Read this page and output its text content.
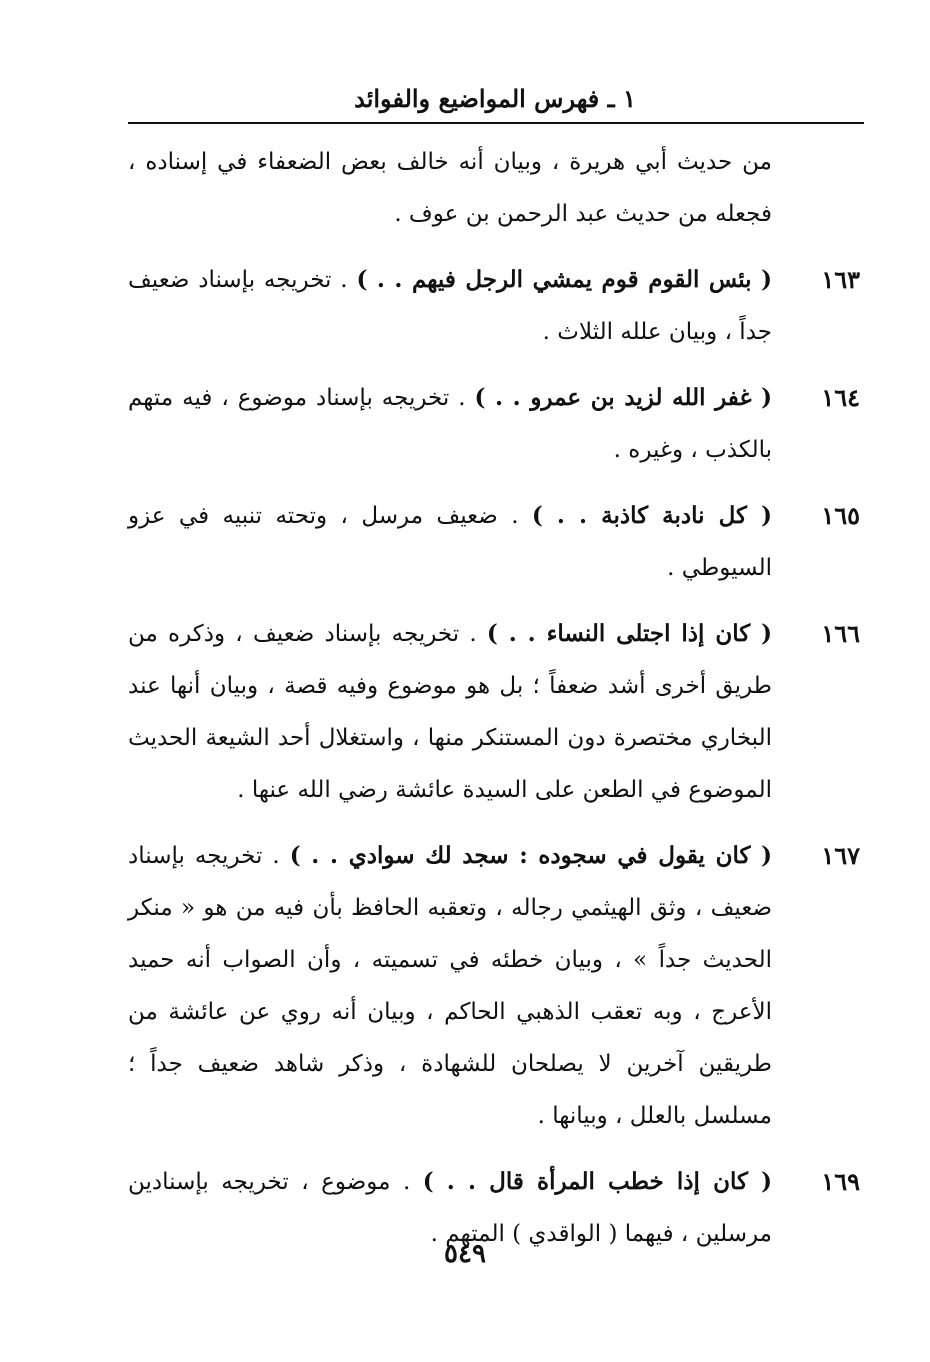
١ ـ فهرس المواضيع والفوائد
من حديث أبي هريرة ، وبيان أنه خالف بعض الضعفاء في إسناده ، فجعله من حديث عبد الرحمن بن عوف .
١٦٣
( بئس القوم قوم يمشي الرجل فيهم . . ) . تخريجه بإسناد ضعيف جداً ، وبيان علله الثلاث .
١٦٤
( غفر الله لزيد بن عمرو . . ) . تخريجه بإسناد موضوع ، فيه متهم بالكذب ، وغيره .
١٦٥
( كل نادبة كاذبة . . ) . ضعيف مرسل ، وتحته تنبيه في عزو السيوطي .
١٦٦
( كان إذا اجتلى النساء . . ) . تخريجه بإسناد ضعيف ، وذكره من طريق أخرى أشد ضعفاً ؛ بل هو موضوع وفيه قصة ، وبيان أنها عند البخاري مختصرة دون المستنكر منها ، واستغلال أحد الشيعة الحديث الموضوع في الطعن على السيدة عائشة رضي الله عنها .
١٦٧
( كان يقول في سجوده : سجد لك سوادي . . ) . تخريجه بإسناد ضعيف ، وثق الهيثمي رجاله ، وتعقبه الحافظ بأن فيه من هو « منكر الحديث جداً » ، وبيان خطئه في تسميته ، وأن الصواب أنه حميد الأعرج ، وبه تعقب الذهبي الحاكم ، وبيان أنه روي عن عائشة من طريقين آخرين لا يصلحان للشهادة ، وذكر شاهد ضعيف جداً ؛ مسلسل بالعلل ، وبيانها .
١٦٩
( كان إذا خطب المرأة قال . . ) . موضوع ، تخريجه بإسنادين مرسلين ، فيهما ( الواقدي ) المتهم .
٥٤٩
